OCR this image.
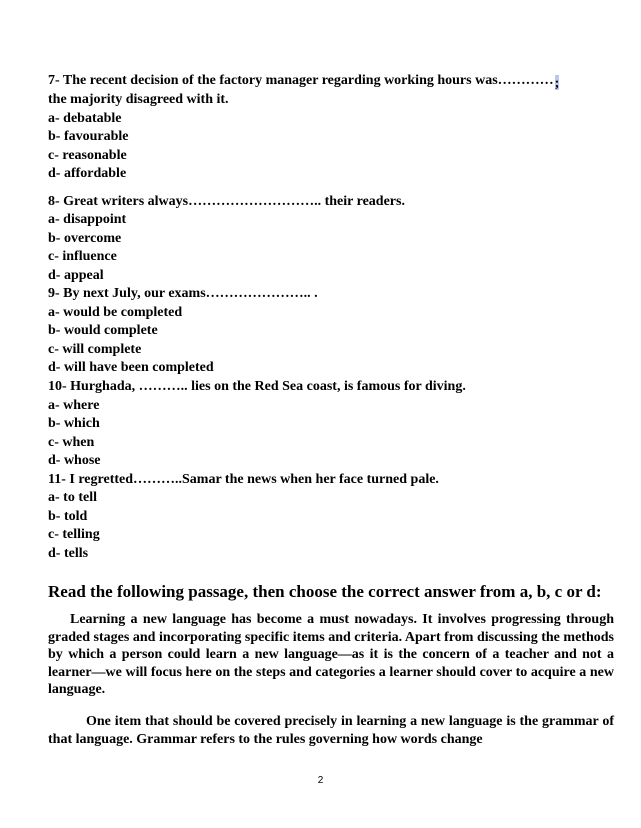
7- The recent decision of the factory manager regarding working hours was…………;
the majority disagreed with it.
a- debatable
b- favourable
c- reasonable
d- affordable
8- Great writers always……………………….. their readers.
a- disappoint
b- overcome
c- influence
d- appeal
9- By next July, our exams………………….. .
a- would be completed
b- would complete
c- will complete
d- will have been completed
10- Hurghada, ……….. lies on the Red Sea coast, is famous for diving.
a- where
b- which
c- when
d- whose
11- I regretted………..Samar the news when her face turned pale.
a- to tell
b- told
c- telling
d- tells
Read the following passage, then choose the correct answer from a, b, c or d:

Learning a new language has become a must nowadays. It involves progressing through graded stages and incorporating specific items and criteria. Apart from discussing the methods by which a person could learn a new language—as it is the concern of a teacher and not a learner—we will focus here on the steps and categories a learner should cover to acquire a new language.

One item that should be covered precisely in learning a new language is the grammar of that language. Grammar refers to the rules governing how words change

2
